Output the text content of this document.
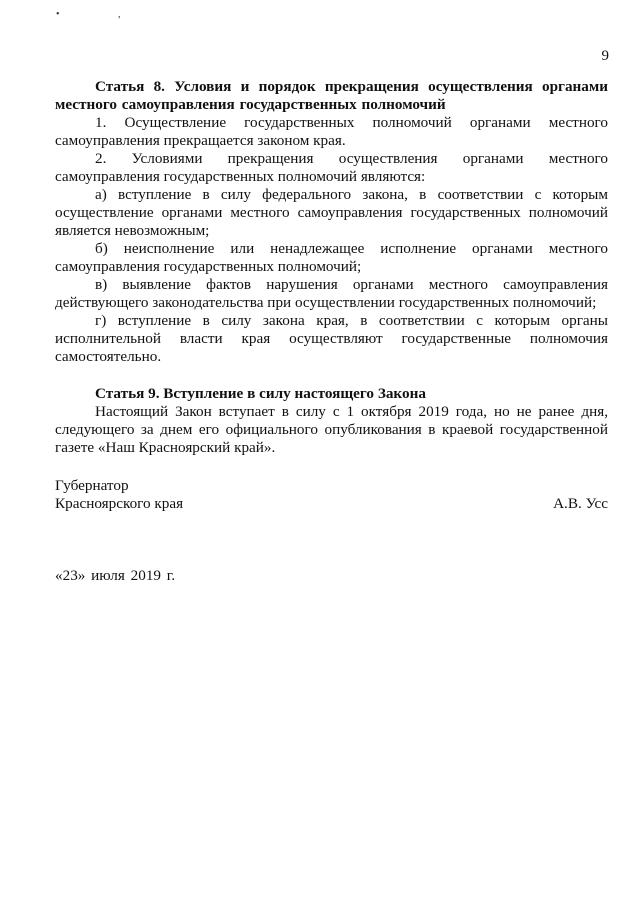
• ,
9

Статья 8. Условия и порядок прекращения осуществления органами местного самоуправления государственных полномочий

1. Осуществление государственных полномочий органами местного самоуправления прекращается законом края.

2. Условиями прекращения осуществления органами местного самоуправления государственных полномочий являются:

а) вступление в силу федерального закона, в соответствии с которым осуществление органами местного самоуправления государственных полномочий является невозможным;

б) неисполнение или ненадлежащее исполнение органами местного самоуправления государственных полномочий;

в) выявление фактов нарушения органами местного самоуправления действующего законодательства при осуществлении государственных полномочий;

г) вступление в силу закона края, в соответствии с которым органы исполнительной власти края осуществляют государственные полномочия самостоятельно.

Статья 9. Вступление в силу настоящего Закона

Настоящий Закон вступает в силу с 1 октября 2019 года, но не ранее дня, следующего за днем его официального опубликования в краевой государственной газете «Наш Красноярский край».

Губернатор
Красноярского края	А.В. Усс
«23» июля 2019 г.
